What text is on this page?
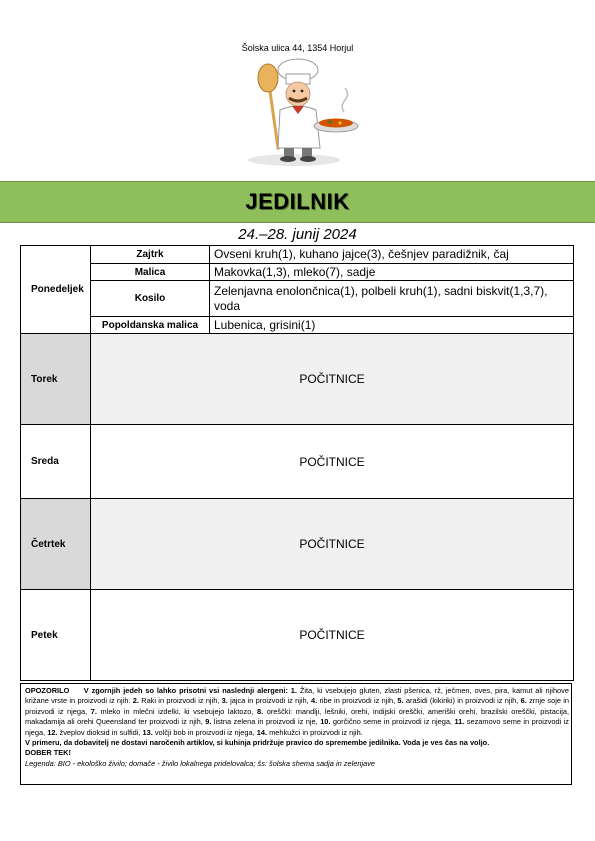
Šolska ulica 44, 1354 Horjul
JEDILNIK
24.–28. junij 2024
Ponedeljek	Zajtrk	Ovseni kruh(1), kuhano jajce(3), češnjev paradižnik, čaj
	Malica	Makovka(1,3), mleko(7), sadje
	Kosilo	Zelenjavna enolončnica(1), polbeli kruh(1), sadni biskvit(1,3,7), voda
	Popoldanska malica	Lubenica, grisini(1)
Torek	POČITNICE	
Sreda	POČITNICE	
Četrtek	POČITNICE	
Petek	POČITNICE	
OPOZORILO V zgornjih jedeh so lahko prisotni vsi naslednji alergeni: 1. Žita, ki vsebujejo gluten, zlasti pšenica, rž, ječmen, oves, pira, kamut ali njihove križane vrste in proizvodi iz njih. 2. Raki in proizvodi iz njih, 3. jajca in proizvodi iz njih, 4. ribe in proizvodi iz njih, 5. arašidi (kikiriki) in proizvodi iz njih, 6. zrnje soje in proizvodi iz njega, 7. mleko in mlečni izdelki, ki vsebujejo laktozo, 8. oreščki: mandlji, lešniki, orehi, indijski oreščki, ameriški orehi, brazilski oreščki, pistacija, makadamija ali orehi Queensland ter proizvodi iz njih, 9. listna zelena in proizvodi iz nje, 10. gorčično seme in proizvodi iz njega, 11. sezamovo seme in proizvodi iz njega, 12. žveplov dioksid in sulfidi, 13. volčji bob in proizvodi iz njega, 14. mehkužci in proizvodi iz njih.
V primeru, da dobavitelj ne dostavi naročenih artiklov, si kuhinja pridržuje pravico do spremembe jedilnika. Voda je ves čas na voljo.
DOBER TEK!
Legenda: BIO - ekološko živilo; domače - živilo lokalnega pridelovalca; šs: šolska shema sadja in zelenjave
